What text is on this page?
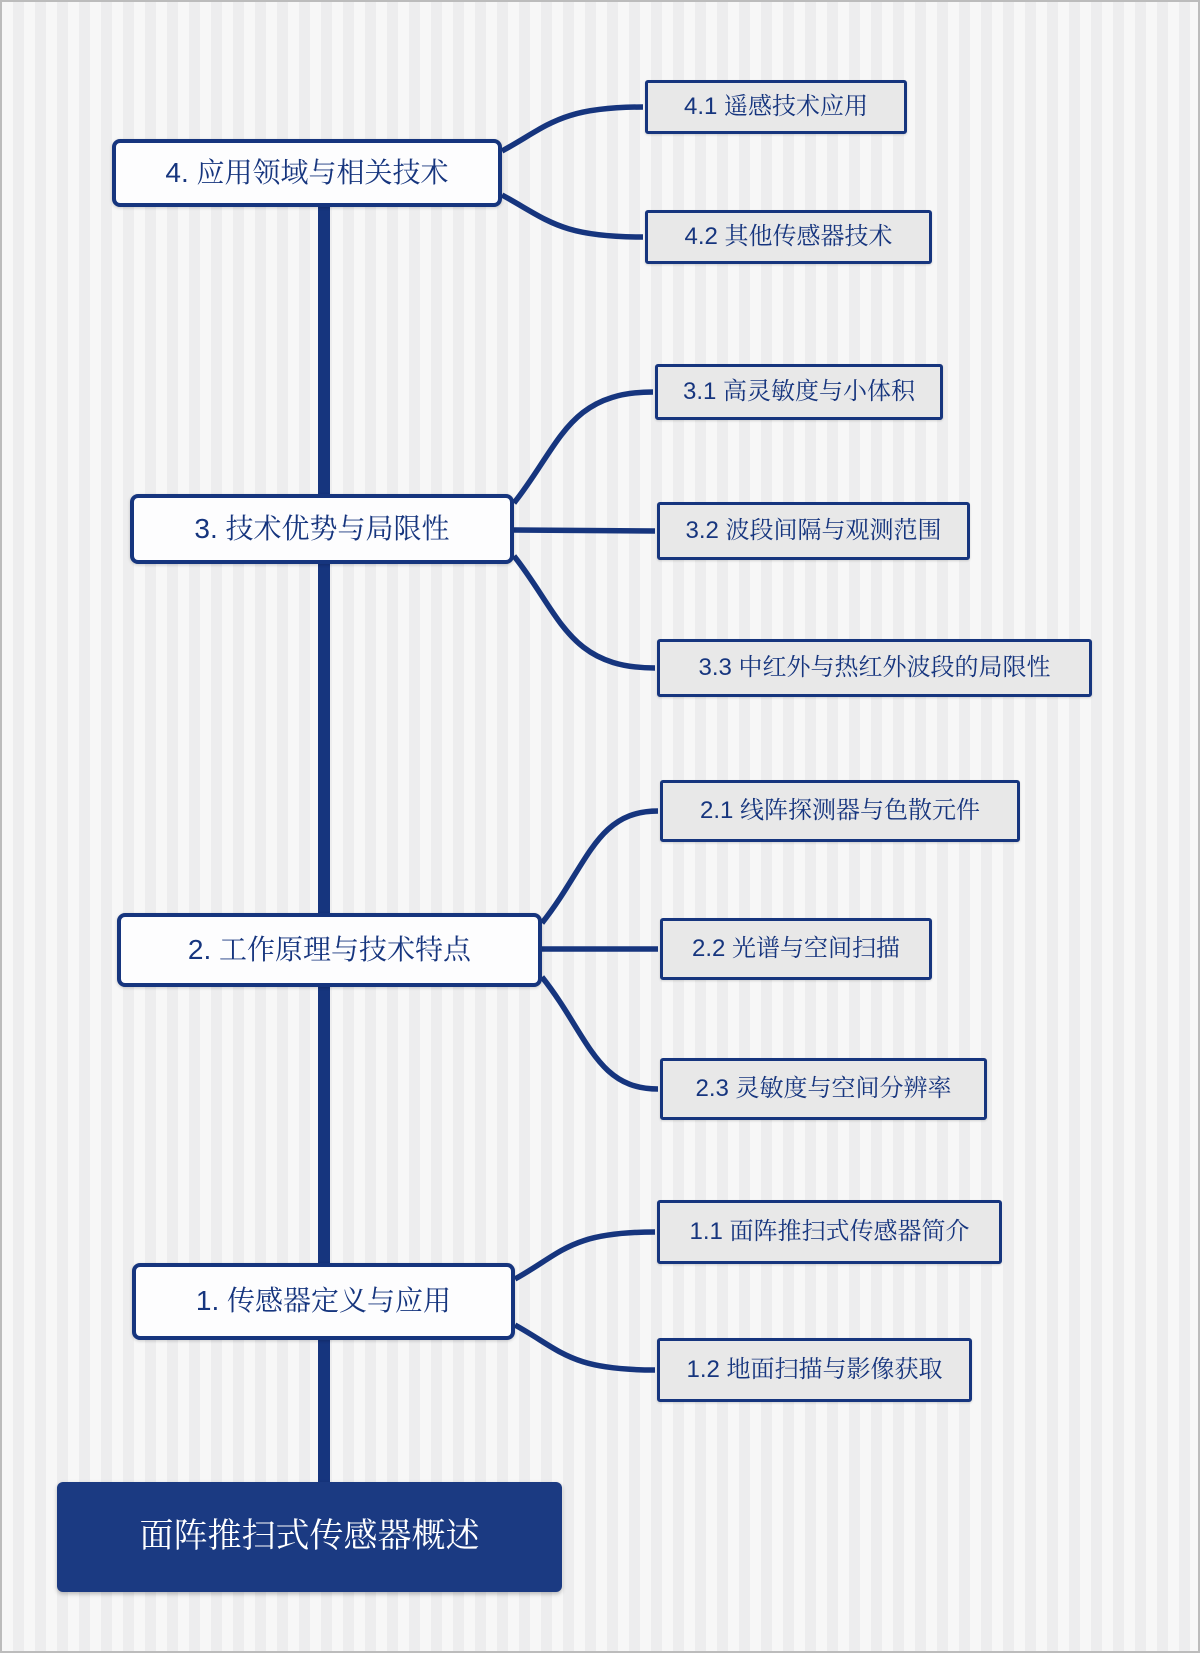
4.1 遥感技术应用
4. 应用领域与相关技术
4.2 其他传感器技术
3.1 高灵敏度与小体积
3. 技术优势与局限性	3.2 波段间隔与观测范围
3.3 中红外与热红外波段的局限性
2.1 线阵探测器与色散元件
2. 工作原理与技术特点	2.2 光谱与空间扫描
2.3 灵敏度与空间分辨率
1.1 面阵推扫式传感器简介
1. 传感器定义与应用
1.2 地面扫描与影像获取
面阵推扫式传感器概述
